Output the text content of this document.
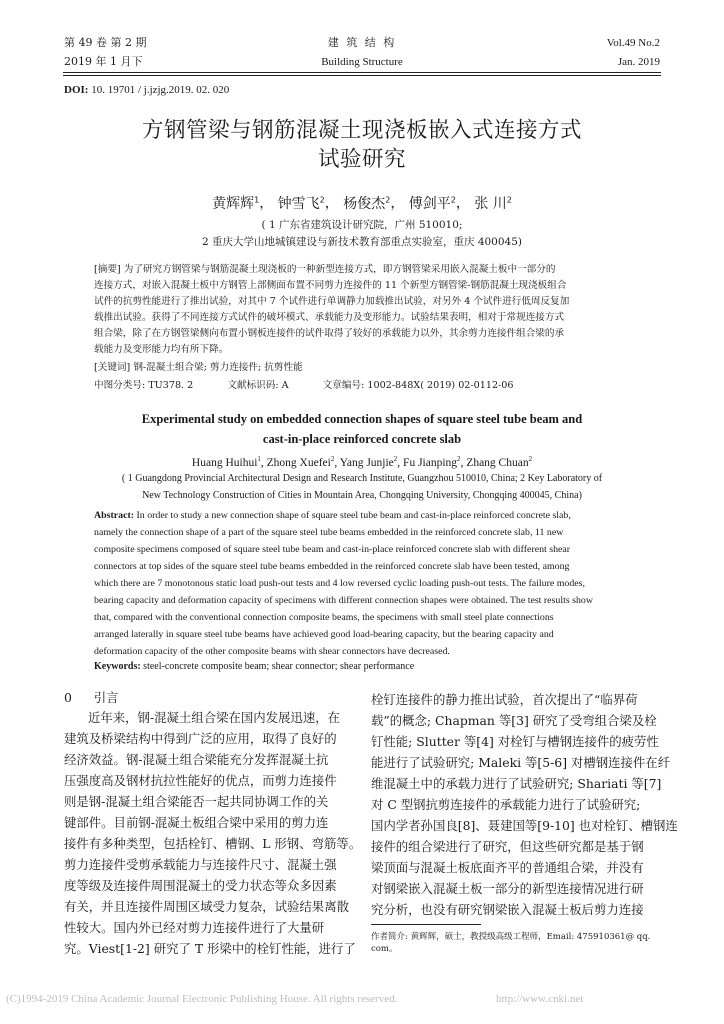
第 49 卷 第 2 期
2019 年 1 月下
建 筑 结 构
Building Structure
Vol.49 No.2
Jan. 2019
DOI: 10. 19701 / j.jzjg.2019. 02. 020
方钢管梁与钢筋混凝土现浇板嵌入式连接方式
试验研究
黄辉辉$^1$， 钟雪飞$^2$， 杨俊杰$^2$， 傅剑平$^2$， 张 川$^2$
( 1 广东省建筑设计研究院，广州 510010;
2 重庆大学山地城镇建设与新技术教育部重点实验室，重庆 400045)
[摘要] 为了研究方钢管梁与钢筋混凝土现浇板的一种新型连接方式，即方钢管梁采用嵌入混凝土板中一部分的
连接方式，对嵌入混凝土板中方钢管上部侧面布置不同剪力连接件的 11 个新型方钢管梁-钢筋混凝土现浇板组合
试件的抗剪性能进行了推出试验，对其中 7 个试件进行单调静力加载推出试验，对另外 4 个试件进行低周反复加
载推出试验。获得了不同连接方式试件的破坏模式、承载能力及变形能力。试验结果表明，相对于常规连接方式
组合梁，除了在方钢管梁侧向布置小钢板连接件的试件取得了较好的承载能力以外，其余剪力连接件组合梁的承
载能力及变形能力均有所下降。
[关键词] 钢-混凝土组合梁; 剪力连接件; 抗剪性能
中图分类号: TU378. 2	文献标识码: A	文章编号: 1002-848X( 2019) 02-0112-06
Experimental study on embedded connection shapes of square steel tube beam and
cast-in-place reinforced concrete slab
Huang Huihui$^1$, Zhong Xuefei$^2$, Yang Junjie$^2$, Fu Jianping$^2$, Zhang Chuan$^2$
( 1 Guangdong Provincial Architectural Design and Research Institute, Guangzhou 510010, China; 2 Key Laboratory of
New Technology Construction of Cities in Mountain Area, Chongqing University, Chongqing 400045, China)
Abstract: In order to study a new connection shape of square steel tube beam and cast-in-place reinforced concrete slab,
namely the connection shape of a part of the square steel tube beams embedded in the reinforced concrete slab, 11 new
composite specimens composed of square steel tube beam and cast-in-place reinforced concrete slab with different shear
connectors at top sides of the square steel tube beams embedded in the reinforced concrete slab have been tested, among
which there are 7 monotonous static load push-out tests and 4 low reversed cyclic loading push-out tests. The failure modes,
bearing capacity and deformation capacity of specimens with different connection shapes were obtained. The test results show
that, compared with the conventional connection composite beams, the specimens with small steel plate connections
arranged laterally in square steel tube beams have achieved good load-bearing capacity, but the bearing capacity and
deformation capacity of the other composite beams with shear connectors have decreased.
Keywords: steel-concrete composite beam; shear connector; shear performance
0 引言
近年来，钢-混凝土组合梁在国内发展迅速，在
建筑及桥梁结构中得到广泛的应用，取得了良好的
经济效益。钢-混凝土组合梁能充分发挥混凝土抗
压强度高及钢材抗拉性能好的优点，而剪力连接件
则是钢-混凝土组合梁能否一起共同协调工作的关
键部件。目前钢-混凝土板组合梁中采用的剪力连
接件有多种类型，包括栓钉、槽钢、L 形钢、弯筋等。
剪力连接件受剪承载能力与连接件尺寸、混凝土强
度等级及连接件周围混凝土的受力状态等众多因素
有关，并且连接件周围区域受力复杂，试验结果离散
性较大。国内外已经对剪力连接件进行了大量研
究。Viest[1-2] 研究了 T 形梁中的栓钉性能，进行了
栓钉连接件的静力推出试验，首次提出了“临界荷
载”的概念; Chapman 等[3] 研究了受弯组合梁及栓
钉性能; Slutter 等[4] 对栓钉与槽钢连接件的疲劳性
能进行了试验研究; Maleki 等[5-6] 对槽钢连接件在纤
维混凝土中的承载力进行了试验研究; Shariati 等[7]
对 C 型钢抗剪连接件的承载能力进行了试验研究;
国内学者孙国良[8]、聂建国等[9-10] 也对栓钉、槽钢连
接件的组合梁进行了研究，但这些研究都是基于钢
梁顶面与混凝土板底面齐平的普通组合梁，并没有
对钢梁嵌入混凝土板一部分的新型连接情况进行研
究分析，也没有研究钢梁嵌入混凝土板后剪力连接
作者简介: 黄辉辉，硕士，教授级高级工程师，Email: 475910361@ qq.
com。
(C)1994-2019 China Academic Journal Electronic Publishing House. All rights reserved.	http://www.cnki.net
